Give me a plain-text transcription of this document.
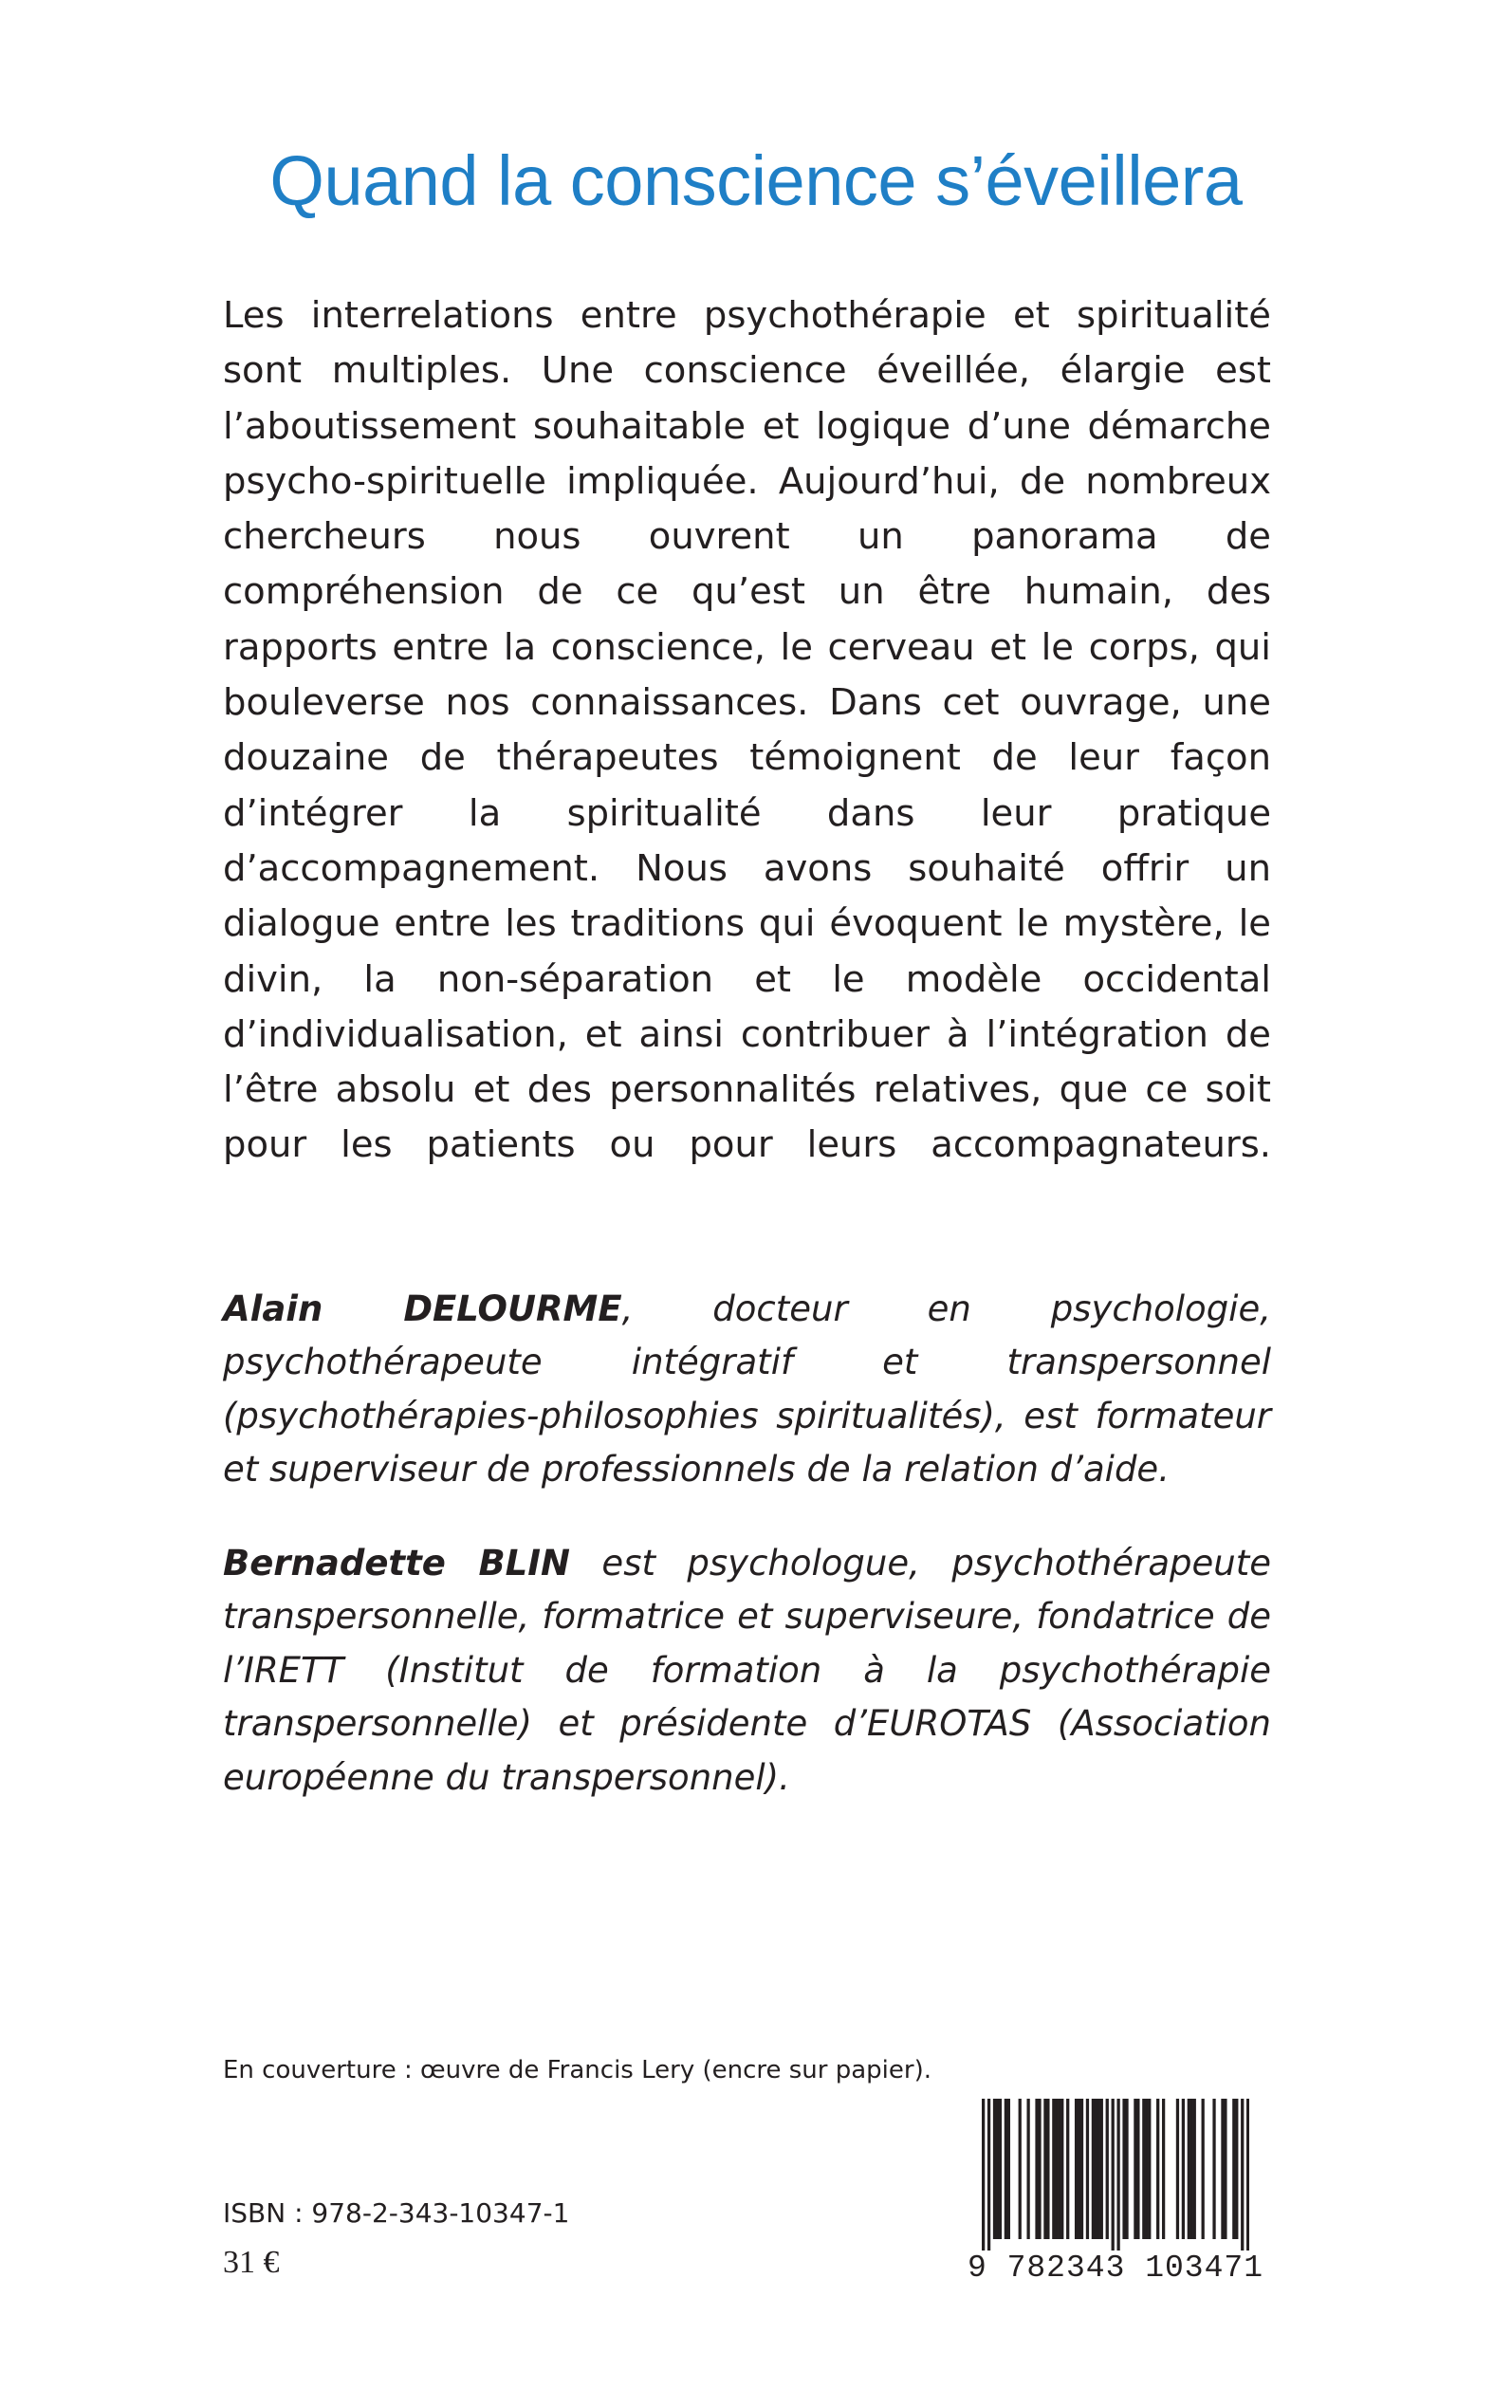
Quand la conscience s’éveillera

Les interrelations entre psychothérapie et spiritualité sont multiples. Une conscience éveillée, élargie est l’aboutissement souhaitable et logique d’une démarche psycho-spirituelle impliquée. Aujourd’hui, de nombreux chercheurs nous ouvrent un panorama de compréhension de ce qu’est un être humain, des rapports entre la conscience, le cerveau et le corps, qui bouleverse nos connaissances. Dans cet ouvrage, une douzaine de thérapeutes témoignent de leur façon d’intégrer la spiritualité dans leur pratique d’accompagnement. Nous avons souhaité offrir un dialogue entre les traditions qui évoquent le mystère, le divin, la non-séparation et le modèle occidental d’individualisation, et ainsi contribuer à l’intégration de l’être absolu et des personnalités relatives, que ce soit pour les patients ou pour leurs accompagnateurs.

Alain DELOURME, docteur en psychologie, psychothérapeute intégratif et transpersonnel (psychothérapies-philosophies spiritualités), est formateur et superviseur de professionnels de la relation d’aide.

Bernadette BLIN est psychologue, psychothérapeute transpersonnelle, formatrice et superviseure, fondatrice de l’IRETT (Institut de formation à la psychothérapie transpersonnelle) et présidente d’EUROTAS (Association européenne du transpersonnel).

En couverture : œuvre de Francis Lery (encre sur papier).

9 782343 103471

ISBN : 978-2-343-10347-1

31 €
